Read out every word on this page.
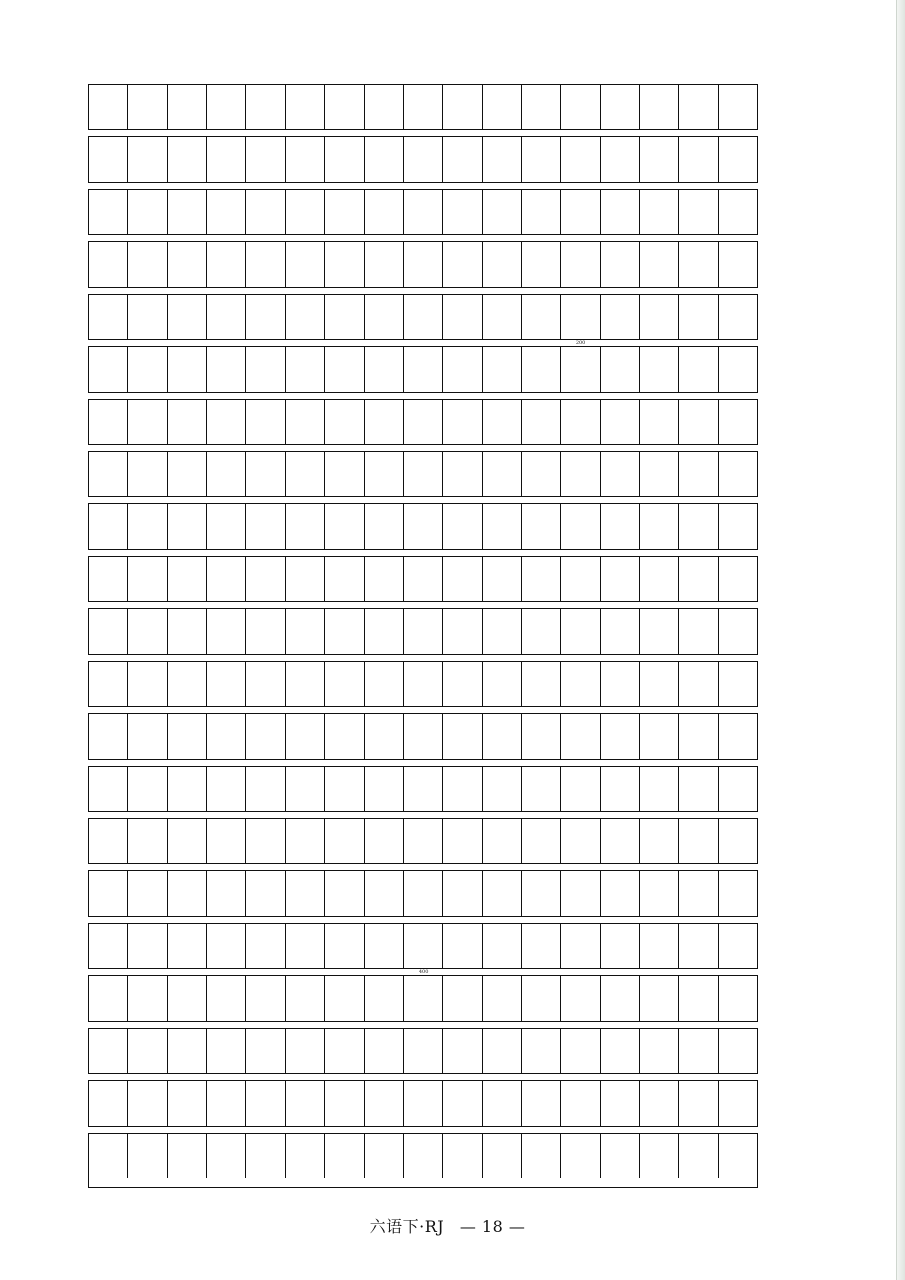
200
400
六语下·RJ — 18 —
